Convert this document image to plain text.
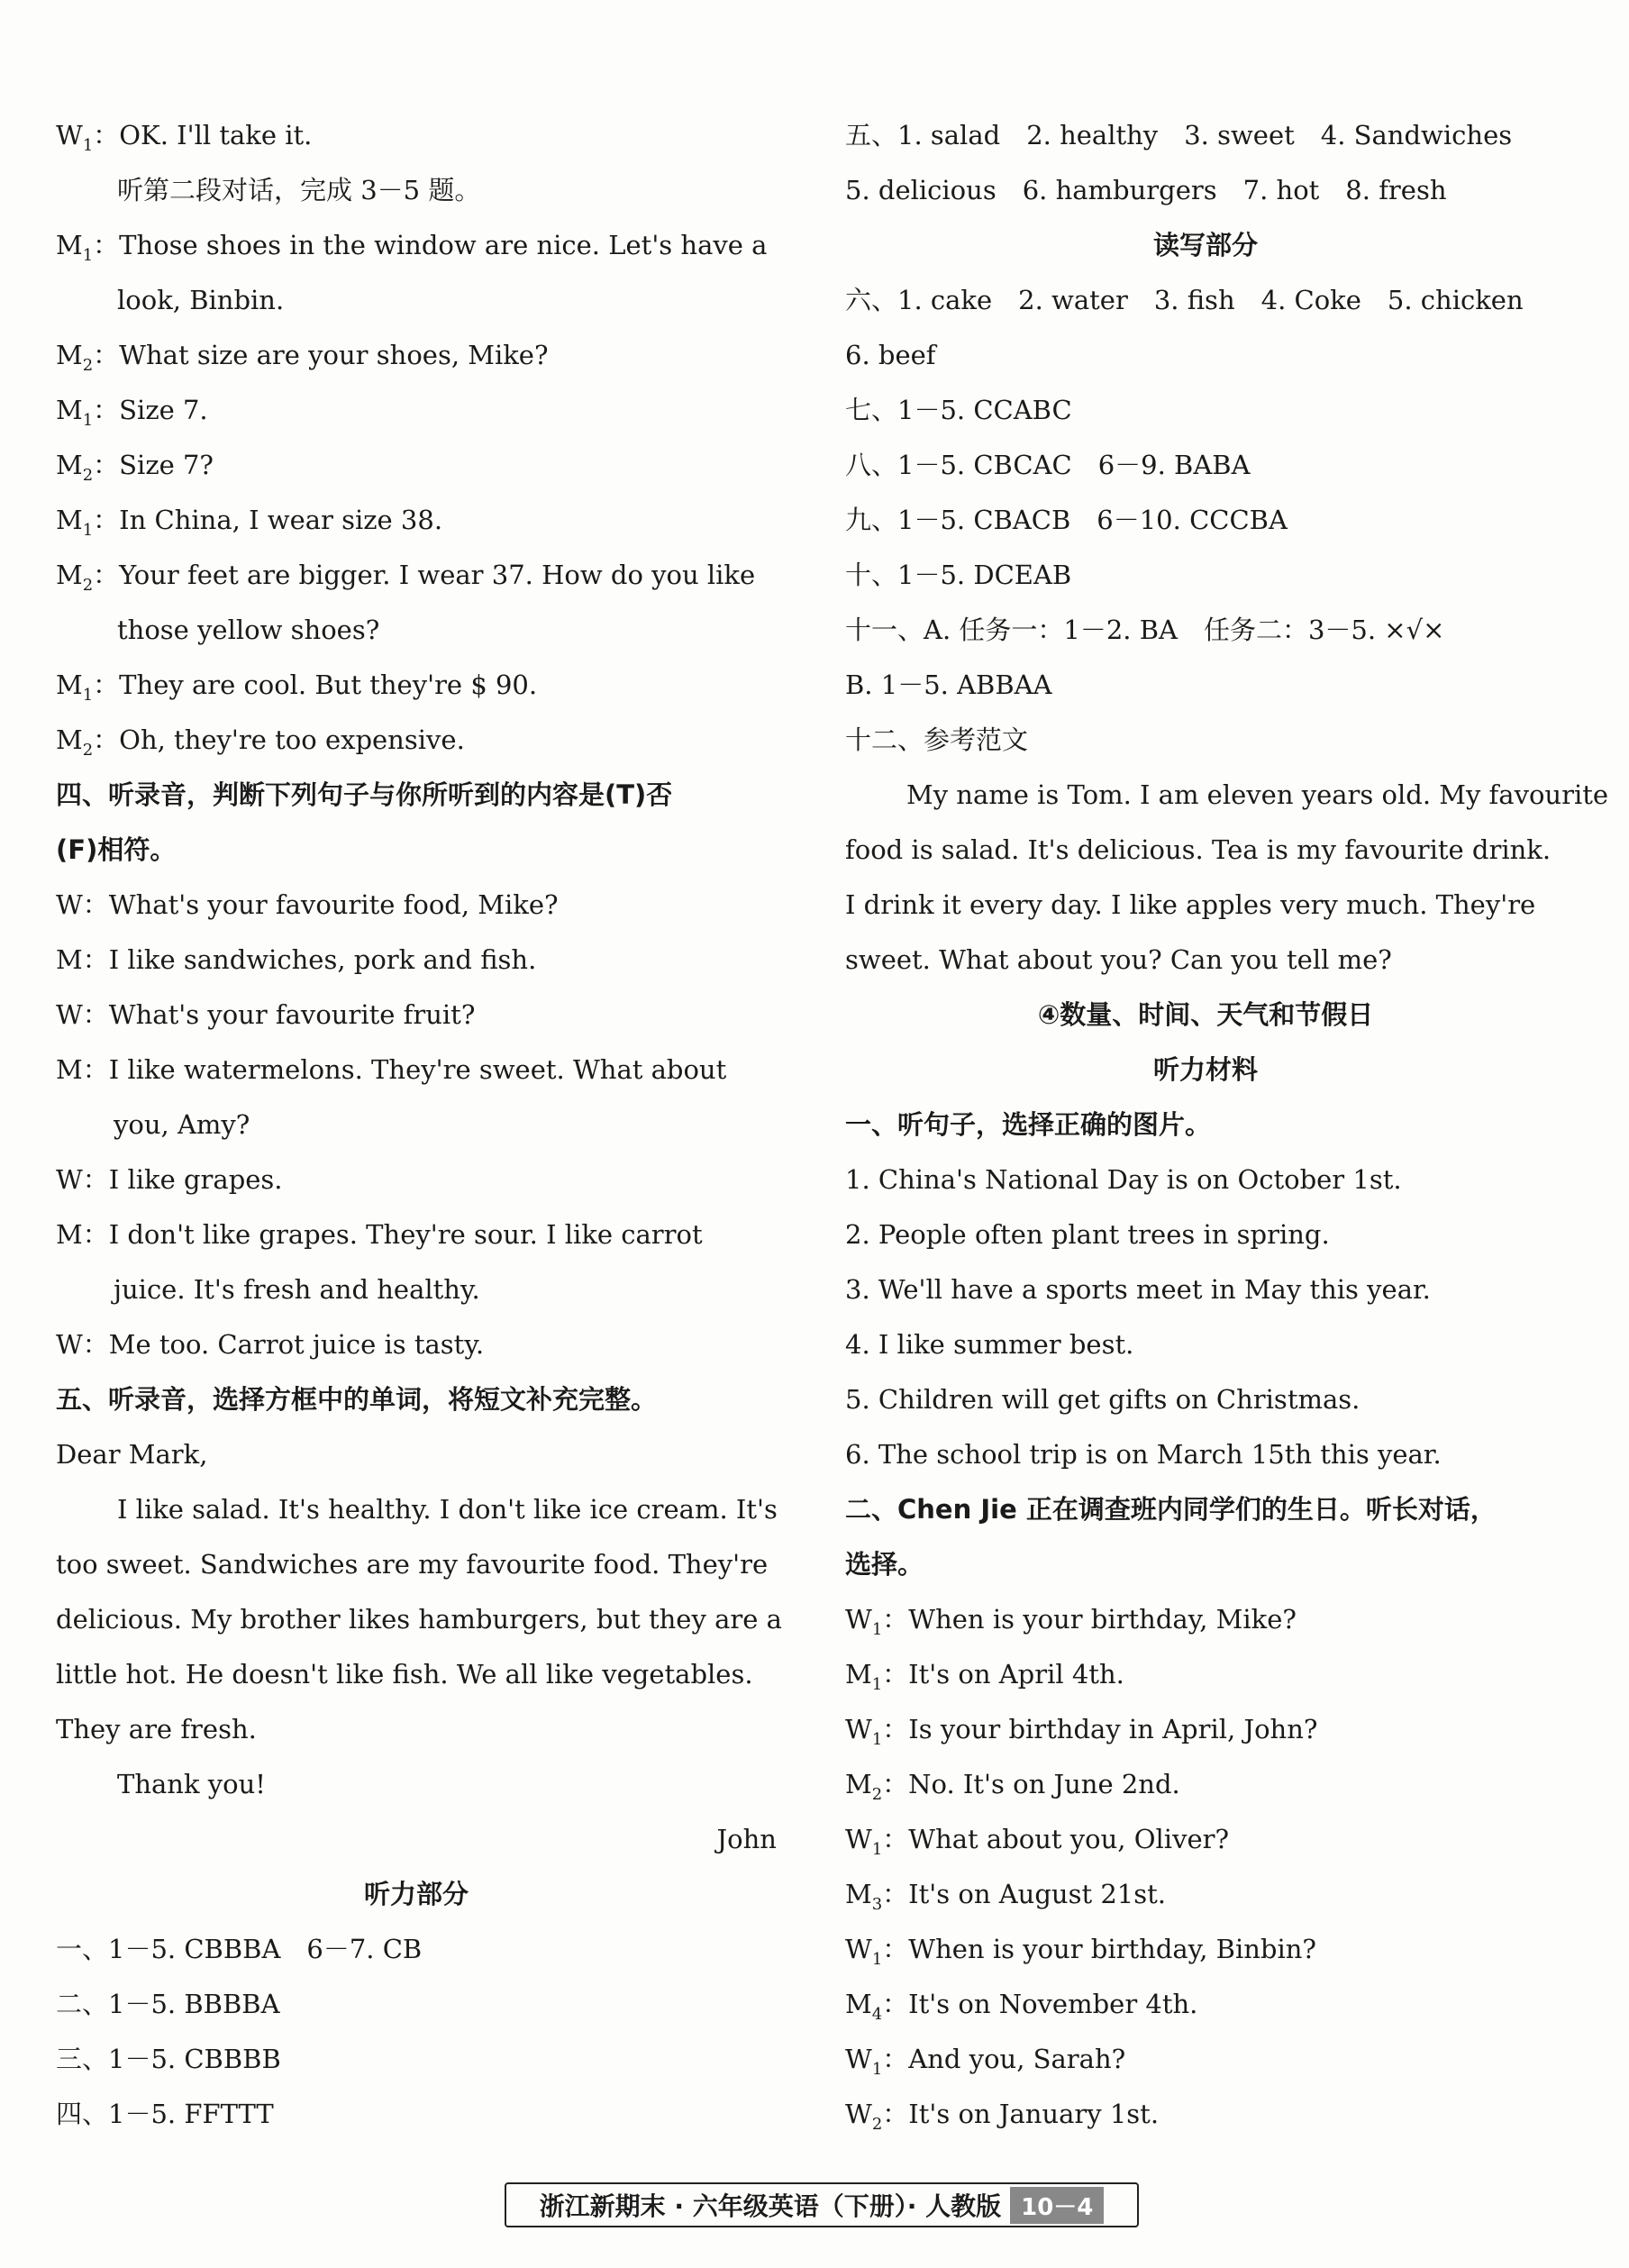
$W_1$：OK. I'll take it.
听第二段对话，完成 3－5 题。
$M_1$：Those shoes in the window are nice. Let's have a
look, Binbin.
$M_2$：What size are your shoes, Mike?
$M_1$：Size 7.
$M_2$：Size 7?
$M_1$：In China, I wear size 38.
$M_2$：Your feet are bigger. I wear 37. How do you like
those yellow shoes?
$M_1$：They are cool. But they're $ 90.
$M_2$：Oh, they're too expensive.
四、听录音，判断下列句子与你所听到的内容是(T)否
(F)相符。
W：What's your favourite food, Mike?
M：I like sandwiches, pork and fish.
W：What's your favourite fruit?
M：I like watermelons. They're sweet. What about
you, Amy?
W：I like grapes.
M：I don't like grapes. They're sour. I like carrot
juice. It's fresh and healthy.
W：Me too. Carrot juice is tasty.
五、听录音，选择方框中的单词，将短文补充完整。
Dear Mark,
I like salad. It's healthy. I don't like ice cream. It's
too sweet. Sandwiches are my favourite food. They're
delicious. My brother likes hamburgers, but they are a
little hot. He doesn't like fish. We all like vegetables.
They are fresh.
Thank you!
John
听力部分
一、1－5. CBBBA　6－7. CB
二、1－5. BBBBA
三、1－5. CBBBB
四、1－5. FFTTT
五、1. salad　2. healthy　3. sweet　4. Sandwiches
5. delicious　6. hamburgers　7. hot　8. fresh
读写部分
六、1. cake　2. water　3. fish　4. Coke　5. chicken
6. beef
七、1－5. CCABC
八、1－5. CBCAC　6－9. BABA
九、1－5. CBACB　6－10. CCCBA
十、1－5. DCEAB
十一、A. 任务一：1－2. BA　任务二：3－5. ×√×
B. 1－5. ABBAA
十二、参考范文
My name is Tom. I am eleven years old. My favourite
food is salad. It's delicious. Tea is my favourite drink.
I drink it every day. I like apples very much. They're
sweet. What about you? Can you tell me?
④数量、时间、天气和节假日
听力材料
一、听句子，选择正确的图片。
1. China's National Day is on October 1st.
2. People often plant trees in spring.
3. We'll have a sports meet in May this year.
4. I like summer best.
5. Children will get gifts on Christmas.
6. The school trip is on March 15th this year.
二、Chen Jie 正在调查班内同学们的生日。听长对话，
选择。
$W_1$：When is your birthday, Mike?
$M_1$：It's on April 4th.
$W_1$：Is your birthday in April, John?
$M_2$：No. It's on June 2nd.
$W_1$：What about you, Oliver?
$M_3$：It's on August 21st.
$W_1$：When is your birthday, Binbin?
$M_4$：It's on November 4th.
$W_1$：And you, Sarah?
$W_2$：It's on January 1st.
浙江新期末 · 六年级英语（下册）· 人教版 10－4
